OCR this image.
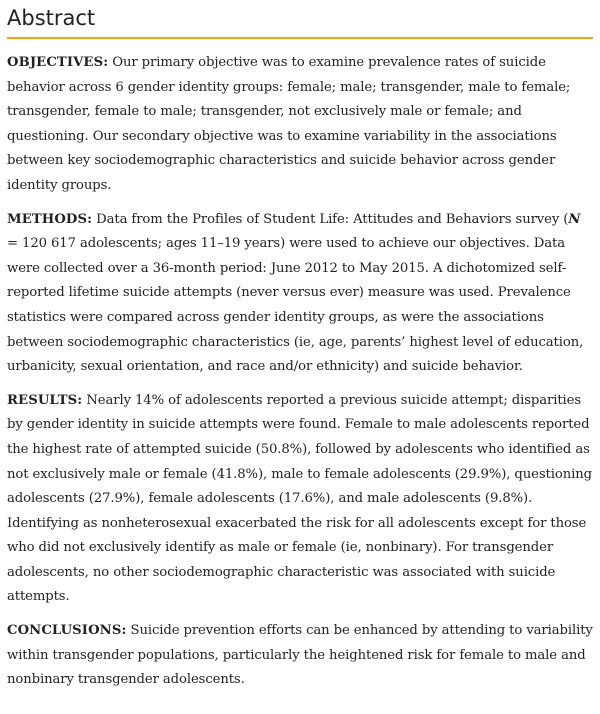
Abstract

OBJECTIVES: Our primary objective was to examine prevalence rates of suicide behavior across 6 gender identity groups: female; male; transgender, male to female; transgender, female to male; transgender, not exclusively male or female; and questioning. Our secondary objective was to examine variability in the associations between key sociodemographic characteristics and suicide behavior across gender identity groups.

METHODS: Data from the Profiles of Student Life: Attitudes and Behaviors survey (N = 120 617 adolescents; ages 11–19 years) were used to achieve our objectives. Data were collected over a 36-month period: June 2012 to May 2015. A dichotomized self-reported lifetime suicide attempts (never versus ever) measure was used. Prevalence statistics were compared across gender identity groups, as were the associations between sociodemographic characteristics (ie, age, parents’ highest level of education, urbanicity, sexual orientation, and race and/or ethnicity) and suicide behavior.

RESULTS: Nearly 14% of adolescents reported a previous suicide attempt; disparities by gender identity in suicide attempts were found. Female to male adolescents reported the highest rate of attempted suicide (50.8%), followed by adolescents who identified as not exclusively male or female (41.8%), male to female adolescents (29.9%), questioning adolescents (27.9%), female adolescents (17.6%), and male adolescents (9.8%). Identifying as nonheterosexual exacerbated the risk for all adolescents except for those who did not exclusively identify as male or female (ie, nonbinary). For transgender adolescents, no other sociodemographic characteristic was associated with suicide attempts.

CONCLUSIONS: Suicide prevention efforts can be enhanced by attending to variability within transgender populations, particularly the heightened risk for female to male and nonbinary transgender adolescents.
